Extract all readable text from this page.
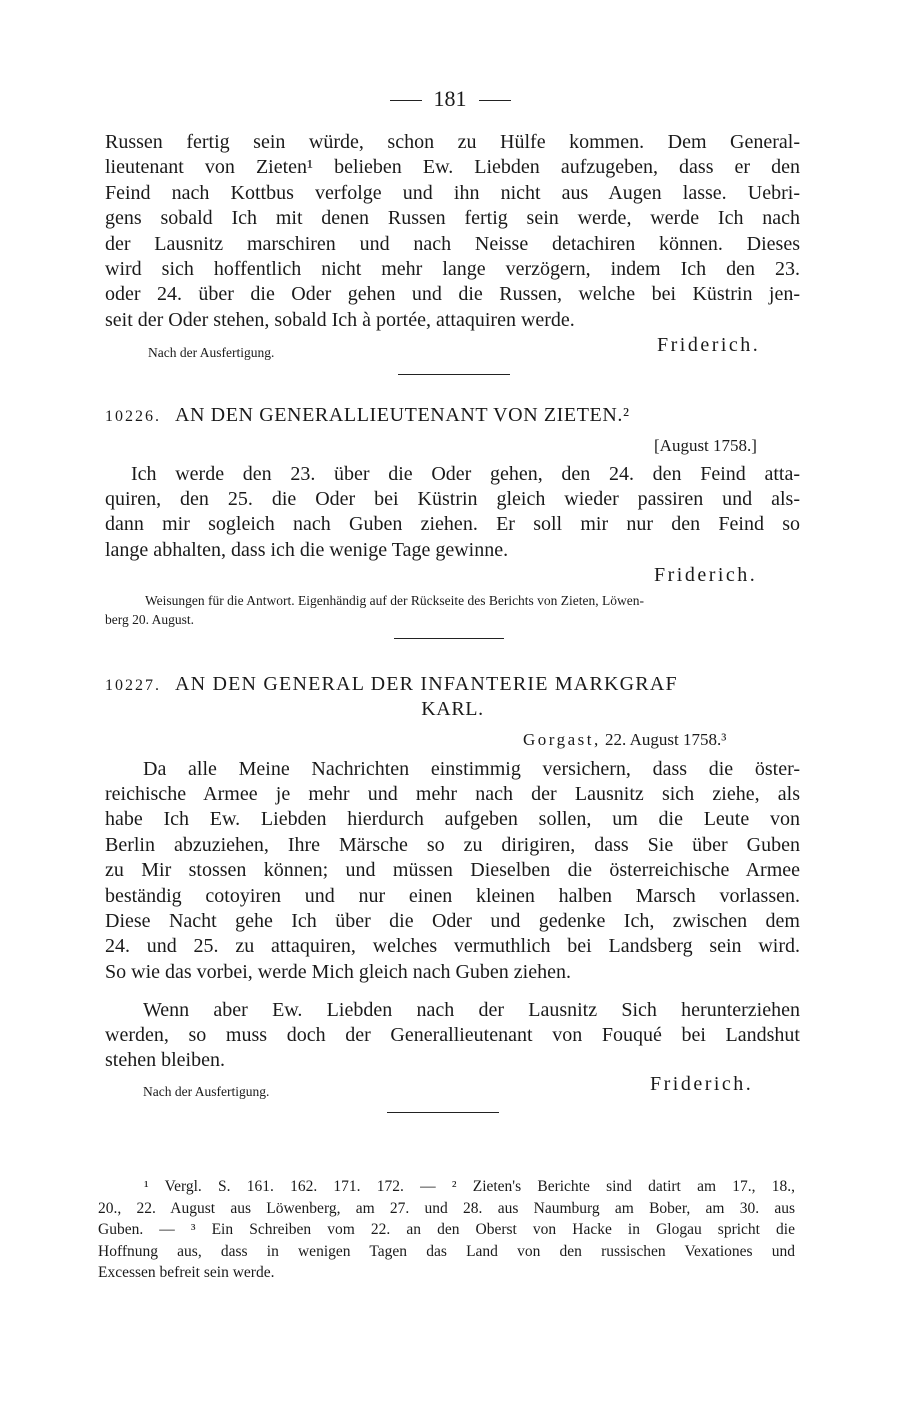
181
Russen fertig sein würde, schon zu Hülfe kommen. Dem General-
lieutenant von Zieten¹ belieben Ew. Liebden aufzugeben, dass er den
Feind nach Kottbus verfolge und ihn nicht aus Augen lasse. Uebri-
gens sobald Ich mit denen Russen fertig sein werde, werde Ich nach
der Lausnitz marschiren und nach Neisse detachiren können. Dieses
wird sich hoffentlich nicht mehr lange verzögern, indem Ich den 23.
oder 24. über die Oder gehen und die Russen, welche bei Küstrin jen-
seit der Oder stehen, sobald Ich à portée, attaquiren werde.
Nach der Ausfertigung.	Friderich.
10226. AN DEN GENERALLIEUTENANT VON ZIETEN.²
[August 1758.]
Ich werde den 23. über die Oder gehen, den 24. den Feind atta-
quiren, den 25. die Oder bei Küstrin gleich wieder passiren und als-
dann mir sogleich nach Guben ziehen. Er soll mir nur den Feind so
lange abhalten, dass ich die wenige Tage gewinne.
Friderich.
Weisungen für die Antwort. Eigenhändig auf der Rückseite des Berichts von Zieten, Löwen-
berg 20. August.
10227. AN DEN GENERAL DER INFANTERIE MARKGRAF
KARL.
Gorgast, 22. August 1758.³
Da alle Meine Nachrichten einstimmig versichern, dass die öster-
reichische Armee je mehr und mehr nach der Lausnitz sich ziehe, als
habe Ich Ew. Liebden hierdurch aufgeben sollen, um die Leute von
Berlin abzuziehen, Ihre Märsche so zu dirigiren, dass Sie über Guben
zu Mir stossen können; und müssen Dieselben die österreichische Armee
beständig cotoyiren und nur einen kleinen halben Marsch vorlassen.
Diese Nacht gehe Ich über die Oder und gedenke Ich, zwischen dem
24. und 25. zu attaquiren, welches vermuthlich bei Landsberg sein wird.
So wie das vorbei, werde Mich gleich nach Guben ziehen.
Wenn aber Ew. Liebden nach der Lausnitz Sich herunterziehen
werden, so muss doch der Generallieutenant von Fouqué bei Landshut
stehen bleiben.
Nach der Ausfertigung.	Friderich.
¹ Vergl. S. 161. 162. 171. 172. — ² Zieten's Berichte sind datirt am 17., 18.,
20., 22. August aus Löwenberg, am 27. und 28. aus Naumburg am Bober, am 30. aus
Guben. — ³ Ein Schreiben vom 22. an den Oberst von Hacke in Glogau spricht die
Hoffnung aus, dass in wenigen Tagen das Land von den russischen Vexationes und
Excessen befreit sein werde.
